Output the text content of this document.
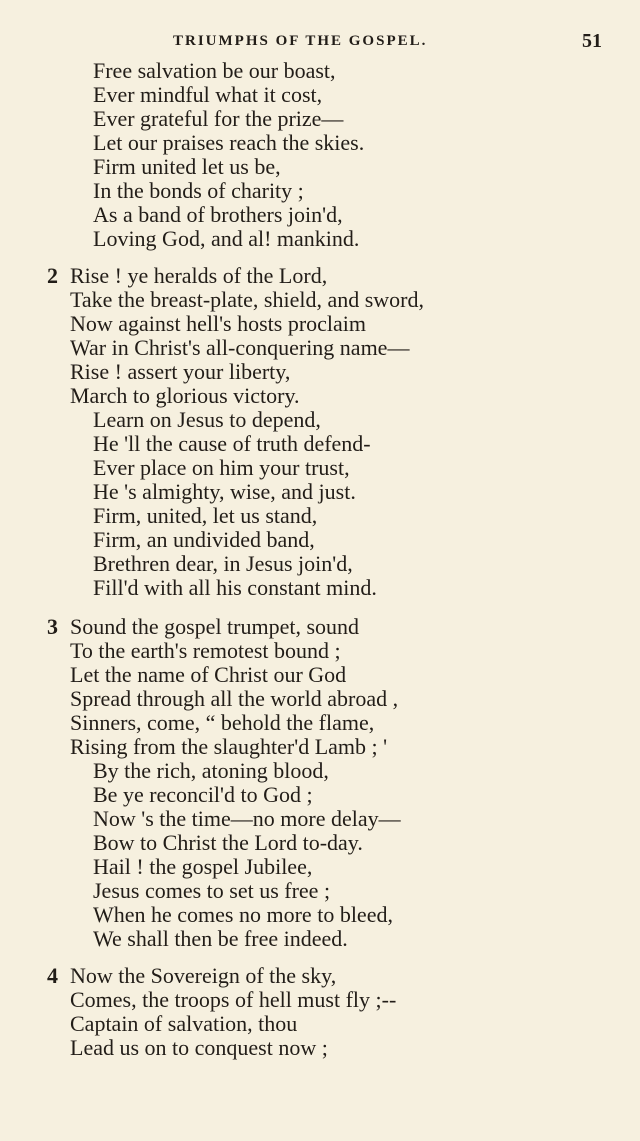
TRIUMPHS OF THE GOSPEL.	51
Free salvation be our boast,
Ever mindful what it cost,
Ever grateful for the prize—
Let our praises reach the skies.
Firm united let us be,
In the bonds of charity ;
As a band of brothers join'd,
Loving God, and al! mankind.
2 Rise ! ye heralds of the Lord,
Take the breast-plate, shield, and sword,
Now against hell's hosts proclaim
War in Christ's all-conquering name—
Rise ! assert your liberty,
March to glorious victory.
Learn on Jesus to depend,
He 'll the cause of truth defend-
Ever place on him your trust,
He 's almighty, wise, and just.
Firm, united, let us stand,
Firm, an undivided band,
Brethren dear, in Jesus join'd,
Fill'd with all his constant mind.
3 Sound the gospel trumpet, sound
To the earth's remotest bound ;
Let the name of Christ our God
Spread through all the world abroad ,
Sinners, come, “ behold the flame,
Rising from the slaughter'd Lamb ; '
By the rich, atoning blood,
Be ye reconcil'd to God ;
Now 's the time—no more delay—
Bow to Christ the Lord to-day.
Hail ! the gospel Jubilee,
Jesus comes to set us free ;
When he comes no more to bleed,
We shall then be free indeed.
4 Now the Sovereign of the sky,
Comes, the troops of hell must fly ;--
Captain of salvation, thou
Lead us on to conquest now ;
